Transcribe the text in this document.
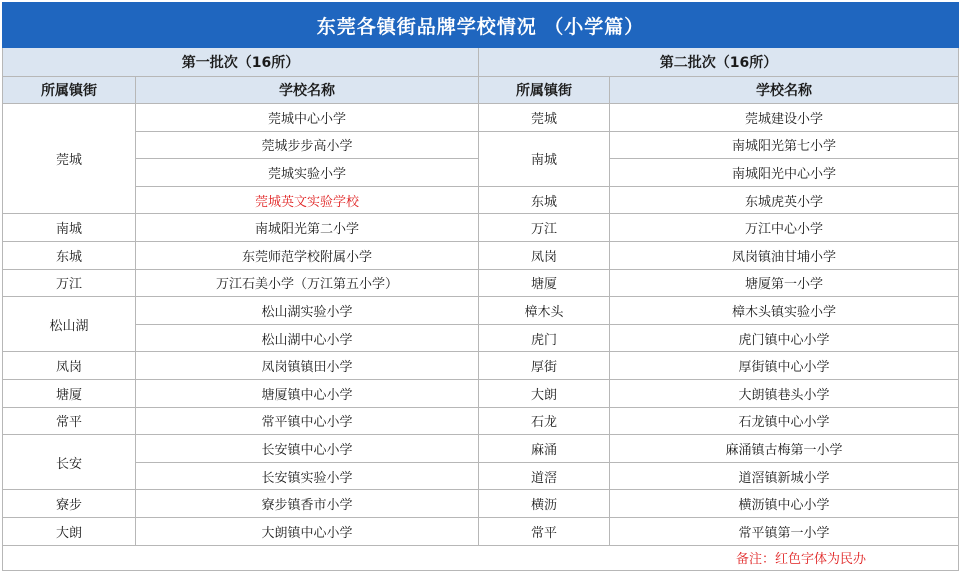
东莞各镇街品牌学校情况 （小学篇）			
第一批次（16所）		第二批次（16所）	
所属镇街	学校名称	所属镇街	学校名称
莞城	莞城中心小学	莞城	莞城建设小学
	莞城步步高小学	南城	南城阳光第七小学
	莞城实验小学		南城阳光中心小学
	莞城英文实验学校	东城	东城虎英小学
南城	南城阳光第二小学	万江	万江中心小学
东城	东莞师范学校附属小学	凤岗	凤岗镇油甘埔小学
万江	万江石美小学（万江第五小学）	塘厦	塘厦第一小学
松山湖	松山湖实验小学	樟木头	樟木头镇实验小学
	松山湖中心小学	虎门	虎门镇中心小学
凤岗	凤岗镇镇田小学	厚街	厚街镇中心小学
塘厦	塘厦镇中心小学	大朗	大朗镇巷头小学
常平	常平镇中心小学	石龙	石龙镇中心小学
长安	长安镇中心小学	麻涌	麻涌镇古梅第一小学
	长安镇实验小学	道滘	道滘镇新城小学
寮步	寮步镇香市小学	横沥	横沥镇中心小学
大朗	大朗镇中心小学	常平	常平镇第一小学
备注：红色字体为民办			
